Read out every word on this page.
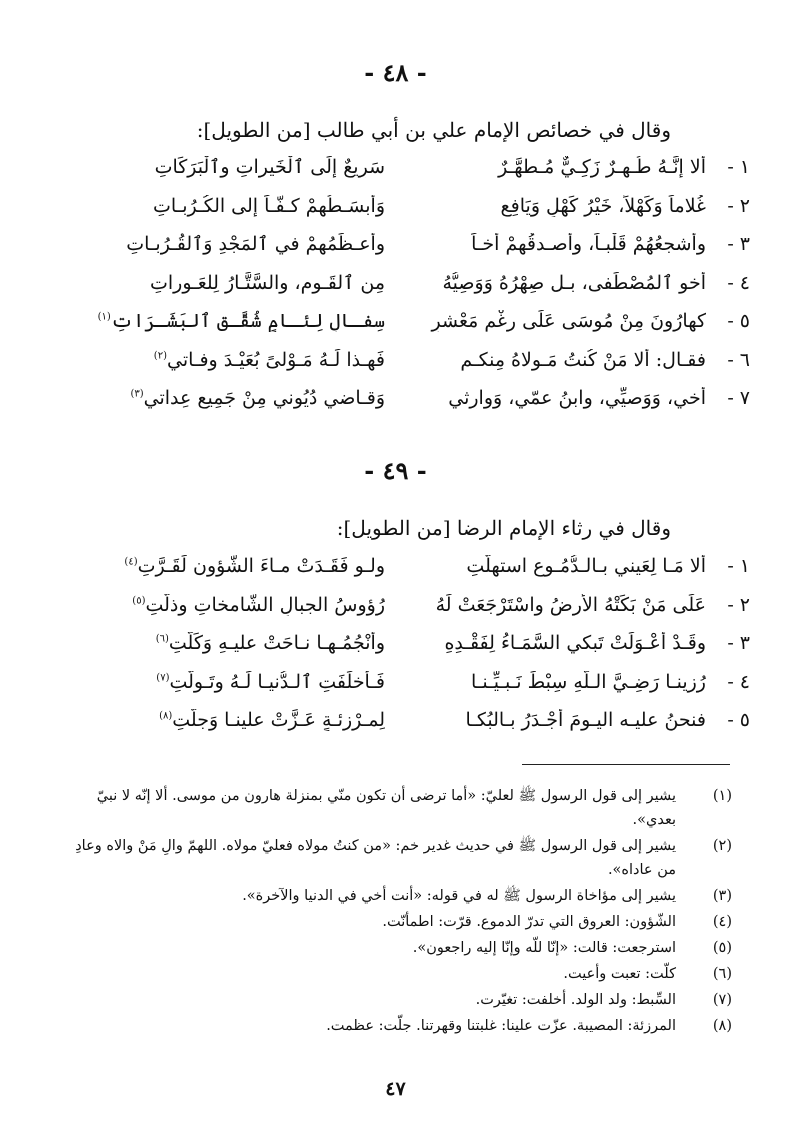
- ٤٨ -
وقال في خصائص الإمام علي بن أبي طالب [من الطويل]:
١ -
أَلا إِنَّـهُ طُـهـرٌ زَكِـيٌّ مُـطهَّـرٌ
سَرِيعٌ إِلَى ٱلْخَيراتِ وٱلْبَرَكَاتِ
٢ -
غُلاماً وَكَهْلاً، خَيْرُ كَهْلٍ وَيَافِعٍ
وَأبسَـطُهمْ كـفّـاً إلى الكُـرُبـاتِ
٣ -
وأشجعُهُمْ قَلْبـاً، وأصـدقُهمْ أخـاً
وأعـظَمُهمْ في ٱلمَجْدِ وَٱلقُـرُبـاتِ
٤ -
أخو ٱلمُصْطَفى، بـل صِهْرُهُ وَوَصِيُّهُ
مِن ٱلقَـومِ، والسَّتَّـارُ لِلعَـوراتِ
٥ -
كهارُونَ مِنْ مُوسَى عَلَى رغْمِ مَعْشرٍ
سِفـالٍ لِئـامٍ شُقَّـقِ ٱلبَشَـرَاتِ$^{(١)}$
٦ -
فقـال: ألا مَنْ كُنتُ مَـولاهُ مِنكـم
فَهـذا لَـهُ مَـوْلىً بُعَيْـدَ وفـاتي$^{(٢)}$
٧ -
أخي، وَوَصيِّي، وابنُ عمّي، وَوارِثي
وَقـاضي دُيُوني مِنْ جَمِيعِ عِداتي$^{(٣)}$
- ٤٩ -
وقال في رثاء الإمام الرضا [من الطويل]:
١ -
أَلا مَـا لِعَيني بـالـدُّمُـوعِ استهلَّتِ
ولـو فَقَـدَتْ مـاءَ الشُّؤون لَقَـرَّتِ$^{(٤)}$
٢ -
عَلَى مَنْ بَكَتْهُ الأرضُ واسْتَرْجَعَتْ لَهُ
رُؤوسُ الجبالِ الشَّامخاتِ وذلَّتِ$^{(٥)}$
٣ -
وقَـدْ أعْـوَلَتْ تَبكي السَّمَـاءُ لِفَقْـدِهِ
وأنْجُمُـهـا نـاحَتْ عليـهِ وَكَلَّتِ$^{(٦)}$
٤ -
رُزِينـا رَضِـيَّ الـلّهِ سِبْطَ نَـبـيِّـنـا
فَـأَخلَفَتِ ٱلـدُّنيـا لَـهُ وتَـولَّتِ$^{(٧)}$
٥ -
فنحنُ عليـه اليـومَ أجْـدَرُ بـالبُكـا
لِمـرْزئـةٍ عَـزَّتْ علينـا وَجلَّتِ$^{(٨)}$
(١)
يشير إلى قول الرسول ﷺ لعليّ: «أما ترضى أن تكون منّي بمنزلة هارون من موسى. ألا إنّه لا نبيّ بعدي».
(٢)
يشير إلى قول الرسول ﷺ في حديث غدير خم: «من كنتُ مولاه فعليّ مولاه. اللهمّ والِ مَنْ والاه وعادِ من عاداه».
(٣)
يشير إلى مؤاخاة الرسول ﷺ له في قوله: «أنت أخي في الدنيا والآخرة».
(٤)
الشّؤون: العروق التي تدرّ الدموع. قرّت: اطمأنّت.
(٥)
استرجعت: قالت: «إنّا للّه وإنّا إليه راجعون».
(٦)
كلّت: تعبت وأعيت.
(٧)
السِّبط: ولد الولد. أخلفت: تغيّرت.
(٨)
المرزئة: المصيبة. عزّت علينا: غلبتنا وقهرتنا. جلّت: عظمت.
٤٧
